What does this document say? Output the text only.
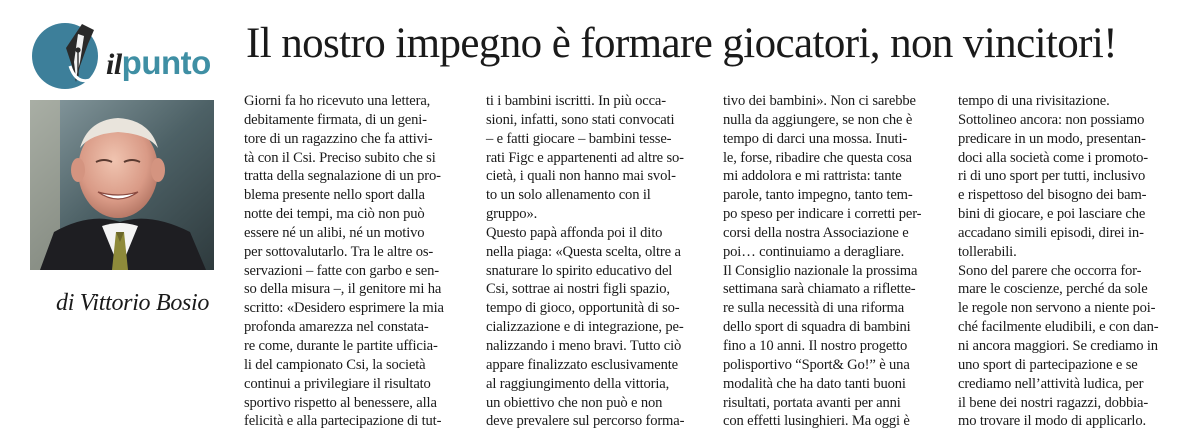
ilpunto Il nostro impegno è formare giocatori, non vincitori!
di Vittorio Bosio
Giorni fa ho ricevuto una lettera,
debitamente firmata, di un geni-
tore di un ragazzino che fa attivi-
tà con il Csi. Preciso subito che si
tratta della segnalazione di un pro-
blema presente nello sport dalla
notte dei tempi, ma ciò non può
essere né un alibi, né un motivo
per sottovalutarlo. Tra le altre os-
servazioni – fatte con garbo e sen-
so della misura –, il genitore mi ha
scritto: «Desidero esprimere la mia
profonda amarezza nel constata-
re come, durante le partite ufficia-
li del campionato Csi, la società
continui a privilegiare il risultato
sportivo rispetto al benessere, alla
felicità e alla partecipazione di tut-
ti i bambini iscritti. In più occa-
sioni, infatti, sono stati convocati
– e fatti giocare – bambini tesse-
rati Figc e appartenenti ad altre so-
cietà, i quali non hanno mai svol-
to un solo allenamento con il
gruppo».
Questo papà affonda poi il dito
nella piaga: «Questa scelta, oltre a
snaturare lo spirito educativo del
Csi, sottrae ai nostri figli spazio,
tempo di gioco, opportunità di so-
cializzazione e di integrazione, pe-
nalizzando i meno bravi. Tutto ciò
appare finalizzato esclusivamente
al raggiungimento della vittoria,
un obiettivo che non può e non
deve prevalere sul percorso forma-
tivo dei bambini». Non ci sarebbe
nulla da aggiungere, se non che è
tempo di darci una mossa. Inuti-
le, forse, ribadire che questa cosa
mi addolora e mi rattrista: tante
parole, tanto impegno, tanto tem-
po speso per indicare i corretti per-
corsi della nostra Associazione e
poi… continuiamo a deragliare.
Il Consiglio nazionale la prossima
settimana sarà chiamato a riflette-
re sulla necessità di una riforma
dello sport di squadra di bambini
fino a 10 anni. Il nostro progetto
polisportivo “Sport& Go!” è una
modalità che ha dato tanti buoni
risultati, portata avanti per anni
con effetti lusinghieri. Ma oggi è
tempo di una rivisitazione.
Sottolineo ancora: non possiamo
predicare in un modo, presentan-
doci alla società come i promoto-
ri di uno sport per tutti, inclusivo
e rispettoso del bisogno dei bam-
bini di giocare, e poi lasciare che
accadano simili episodi, direi in-
tollerabili.
Sono del parere che occorra for-
mare le coscienze, perché da sole
le regole non servono a niente poi-
ché facilmente eludibili, e con dan-
ni ancora maggiori. Se crediamo in
uno sport di partecipazione e se
crediamo nell’attività ludica, per
il bene dei nostri ragazzi, dobbia-
mo trovare il modo di applicarlo.
